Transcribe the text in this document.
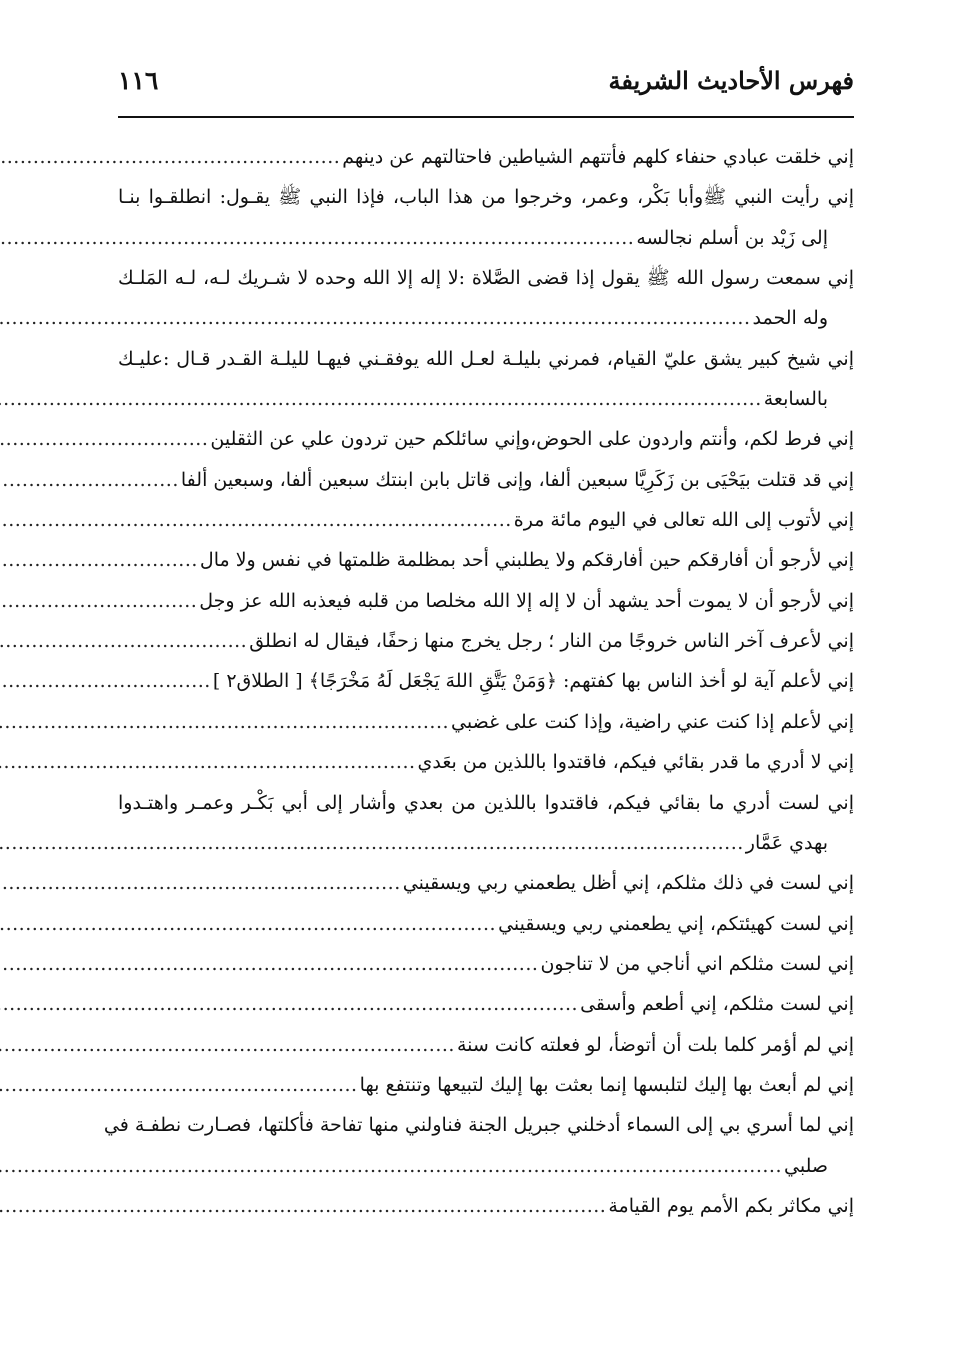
فهرس الأحاديث الشريفة
١١٦
إني خلقت عبادي حنفاء كلهم فأتتهم الشياطين فاحتالتهم عن دينهم
.....
إني رأيت النبي ﷺوأبا بَكْر، وعمر، وخرجوا من هذا الباب، فإذا النبي ﷺ يقـول: انطلقـوا بنـا
إلى زَيْد بن أسلم نجالسه
.....
إني سمعت رسول الله ﷺ يقول إذا قضى الصَّلاة :لا إله إلا الله وحده لا شـريك لـه، لـه المَلـك
وله الحمد
.....
إني شيخ كبير يشق عليّ القيام، فمرني بليلـة لعـل الله يوفقـني فيهـا لليلـة القـدر قـال :عليـك
بالسابعة
.....
إني فرط لكم، وأنتم واردون على الحوض،وإني سائلكم حين تردون علي عن الثقلين
.....
إني قد قتلت بيَحْيَى بن زَكَرِيَّا سبعين ألفا، وإنى قاتل بابن ابنتك سبعين ألفا، وسبعين ألفا
.....
إني لأتوب إلى الله تعالى في اليوم مائة مرة
.....
إني لأرجو أن أفارقكم حين أفارقكم ولا يطلبني أحد بمظلمة ظلمتها في نفس ولا مال
.....
إني لأرجو أن لا يموت أحد يشهد أن لا إله إلا الله مخلصا من قلبه فيعذبه الله عز وجل
.....
إني لأعرف آخر الناس خروجًا من النار ؛ رجل يخرج منها زحفًا، فيقال له انطلق
.....
إني لأعلم آية لو أخذ الناس بها كفتهم: ﴿وَمَنْ يَتَّقِ اللهَ يَجْعَل لَهُ مَخْرَجًا﴾ [ الطلاق٢ ]
.....
إني لأعلم إذا كنت عني راضية، وإذا كنت على غضبي
.....
إني لا أدري ما قدر بقائي فيكم، فاقتدوا باللذين من بعَدي
.....
إني لست أدري ما بقائي فيكم، فاقتدوا باللذين من بعدي وأشار إلى أبي بَكْـر وعمـر واهتـدوا
بهدي عَمَّار
.....
إني لست في ذلك مثلكم، إني أظل يطعمني ربي ويسقيني
.....
إني لست كهيئتكم، إني يطعمني ربي ويسقيني
.....
إني لست مثلكم اني أناجي من لا تناجون
.....
إني لست مثلكم، إني أطعم وأسقى
.....
إني لم أؤمر كلما بلت أن أتوضأ، لو فعلته كانت سنة
.....
إني لم أبعث بها إليك لتلبسها إنما بعثت بها إليك لتبيعها وتنتفع بها
.....
إني لما أسري بي إلى السماء أدخلني جبريل الجنة فناولني منها تفاحة فأكلتها، فصـارت نطفـة في
صلبي
.....
إني مكاثر بكم الأمم يوم القيامة
.....
